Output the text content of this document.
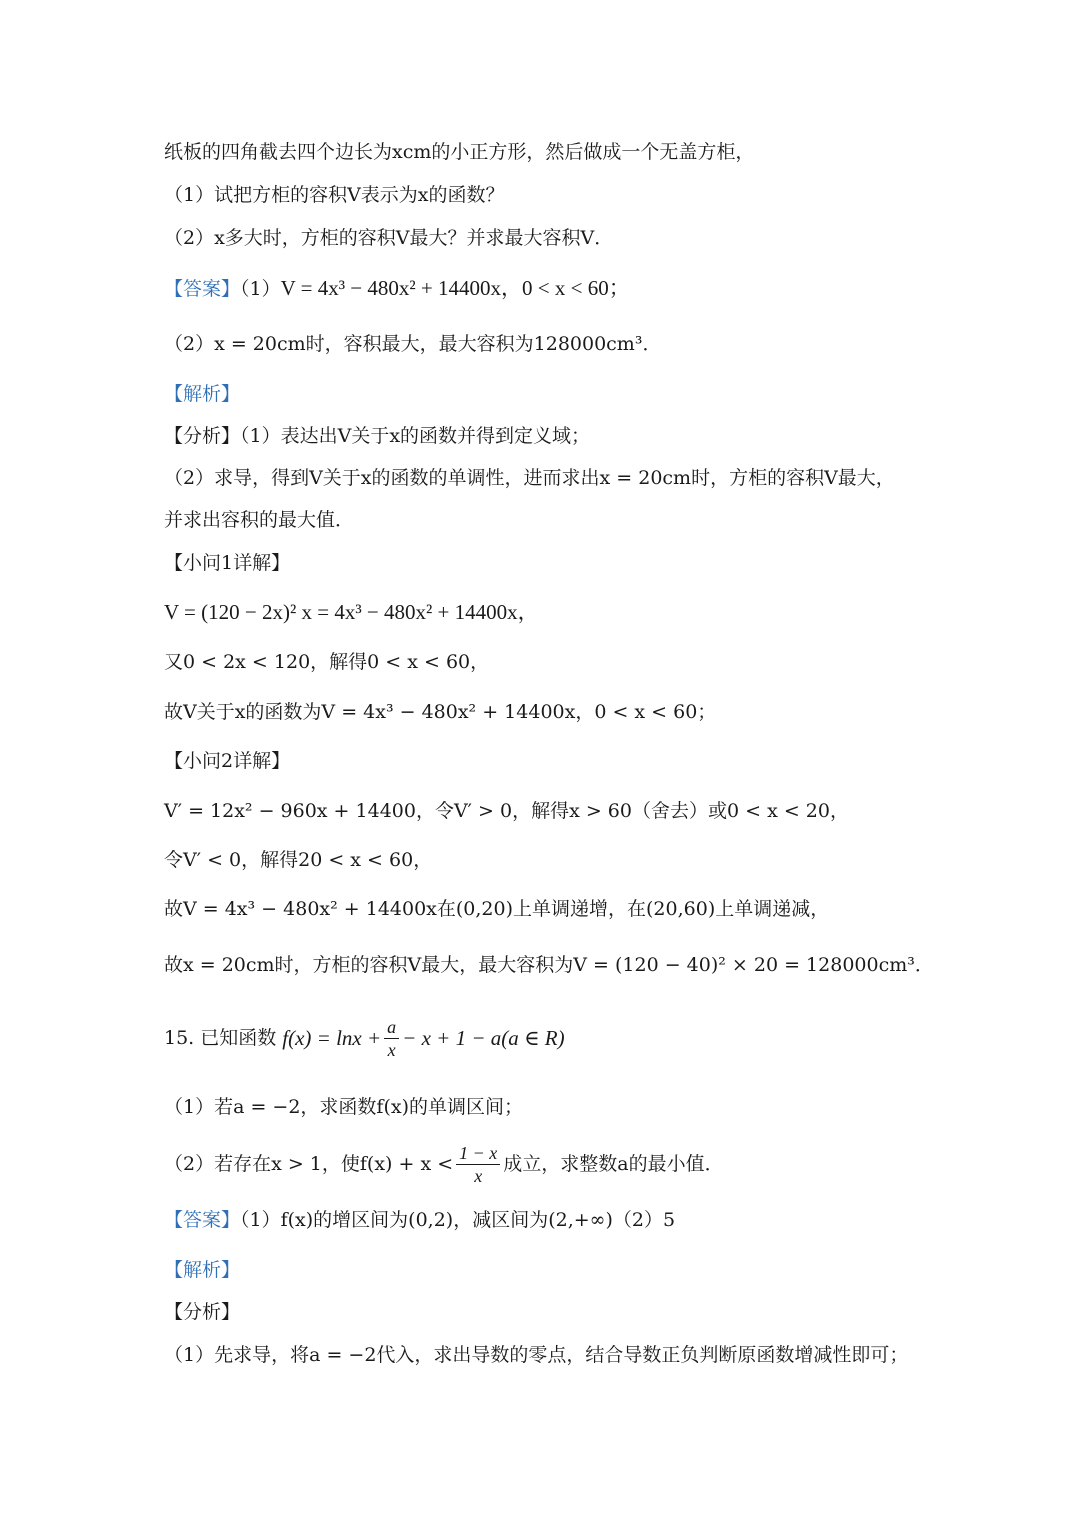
纸板的四角截去四个边长为xcm的小正方形，然后做成一个无盖方柜，
（1）试把方柜的容积V表示为x的函数？
（2）x多大时，方柜的容积V最大？并求最大容积V．
【答案】（1）V = 4x³ − 480x² + 14400x，0 < x < 60；
（2）x = 20cm时，容积最大，最大容积为128000cm³．
【解析】
【分析】（1）表达出V关于x的函数并得到定义域；
（2）求导，得到V关于x的函数的单调性，进而求出x = 20cm时，方柜的容积V最大，
并求出容积的最大值．
【小问1详解】
V = (120 − 2x)² x = 4x³ − 480x² + 14400x，
又0 < 2x < 120，解得0 < x < 60，
故V关于x的函数为V = 4x³ − 480x² + 14400x，0 < x < 60；
【小问2详解】
V′ = 12x² − 960x + 14400，令V′ > 0，解得x > 60（舍去）或0 < x < 20，
令V′ < 0，解得20 < x < 60，
故V = 4x³ − 480x² + 14400x在(0,20)上单调递增，在(20,60)上单调递减，
故x = 20cm时，方柜的容积V最大，最大容积为V = (120 − 40)² × 20 = 128000cm³．
15. 已知函数 $f(x) = \ln x + \frac{a}{x} - x + 1 - a(a$ ∈ R)
（1）若a = −2，求函数f(x)的单调区间；
（2）若存在x > 1，使$f(x) + x < \frac{1 - x}{x}$ 成立，求整数a的最小值．
【答案】（1）f(x)的增区间为(0,2)，减区间为(2,+∞)（2）5
【解析】
【分析】
（1）先求导，将a = −2代入，求出导数的零点，结合导数正负判断原函数增减性即可；
